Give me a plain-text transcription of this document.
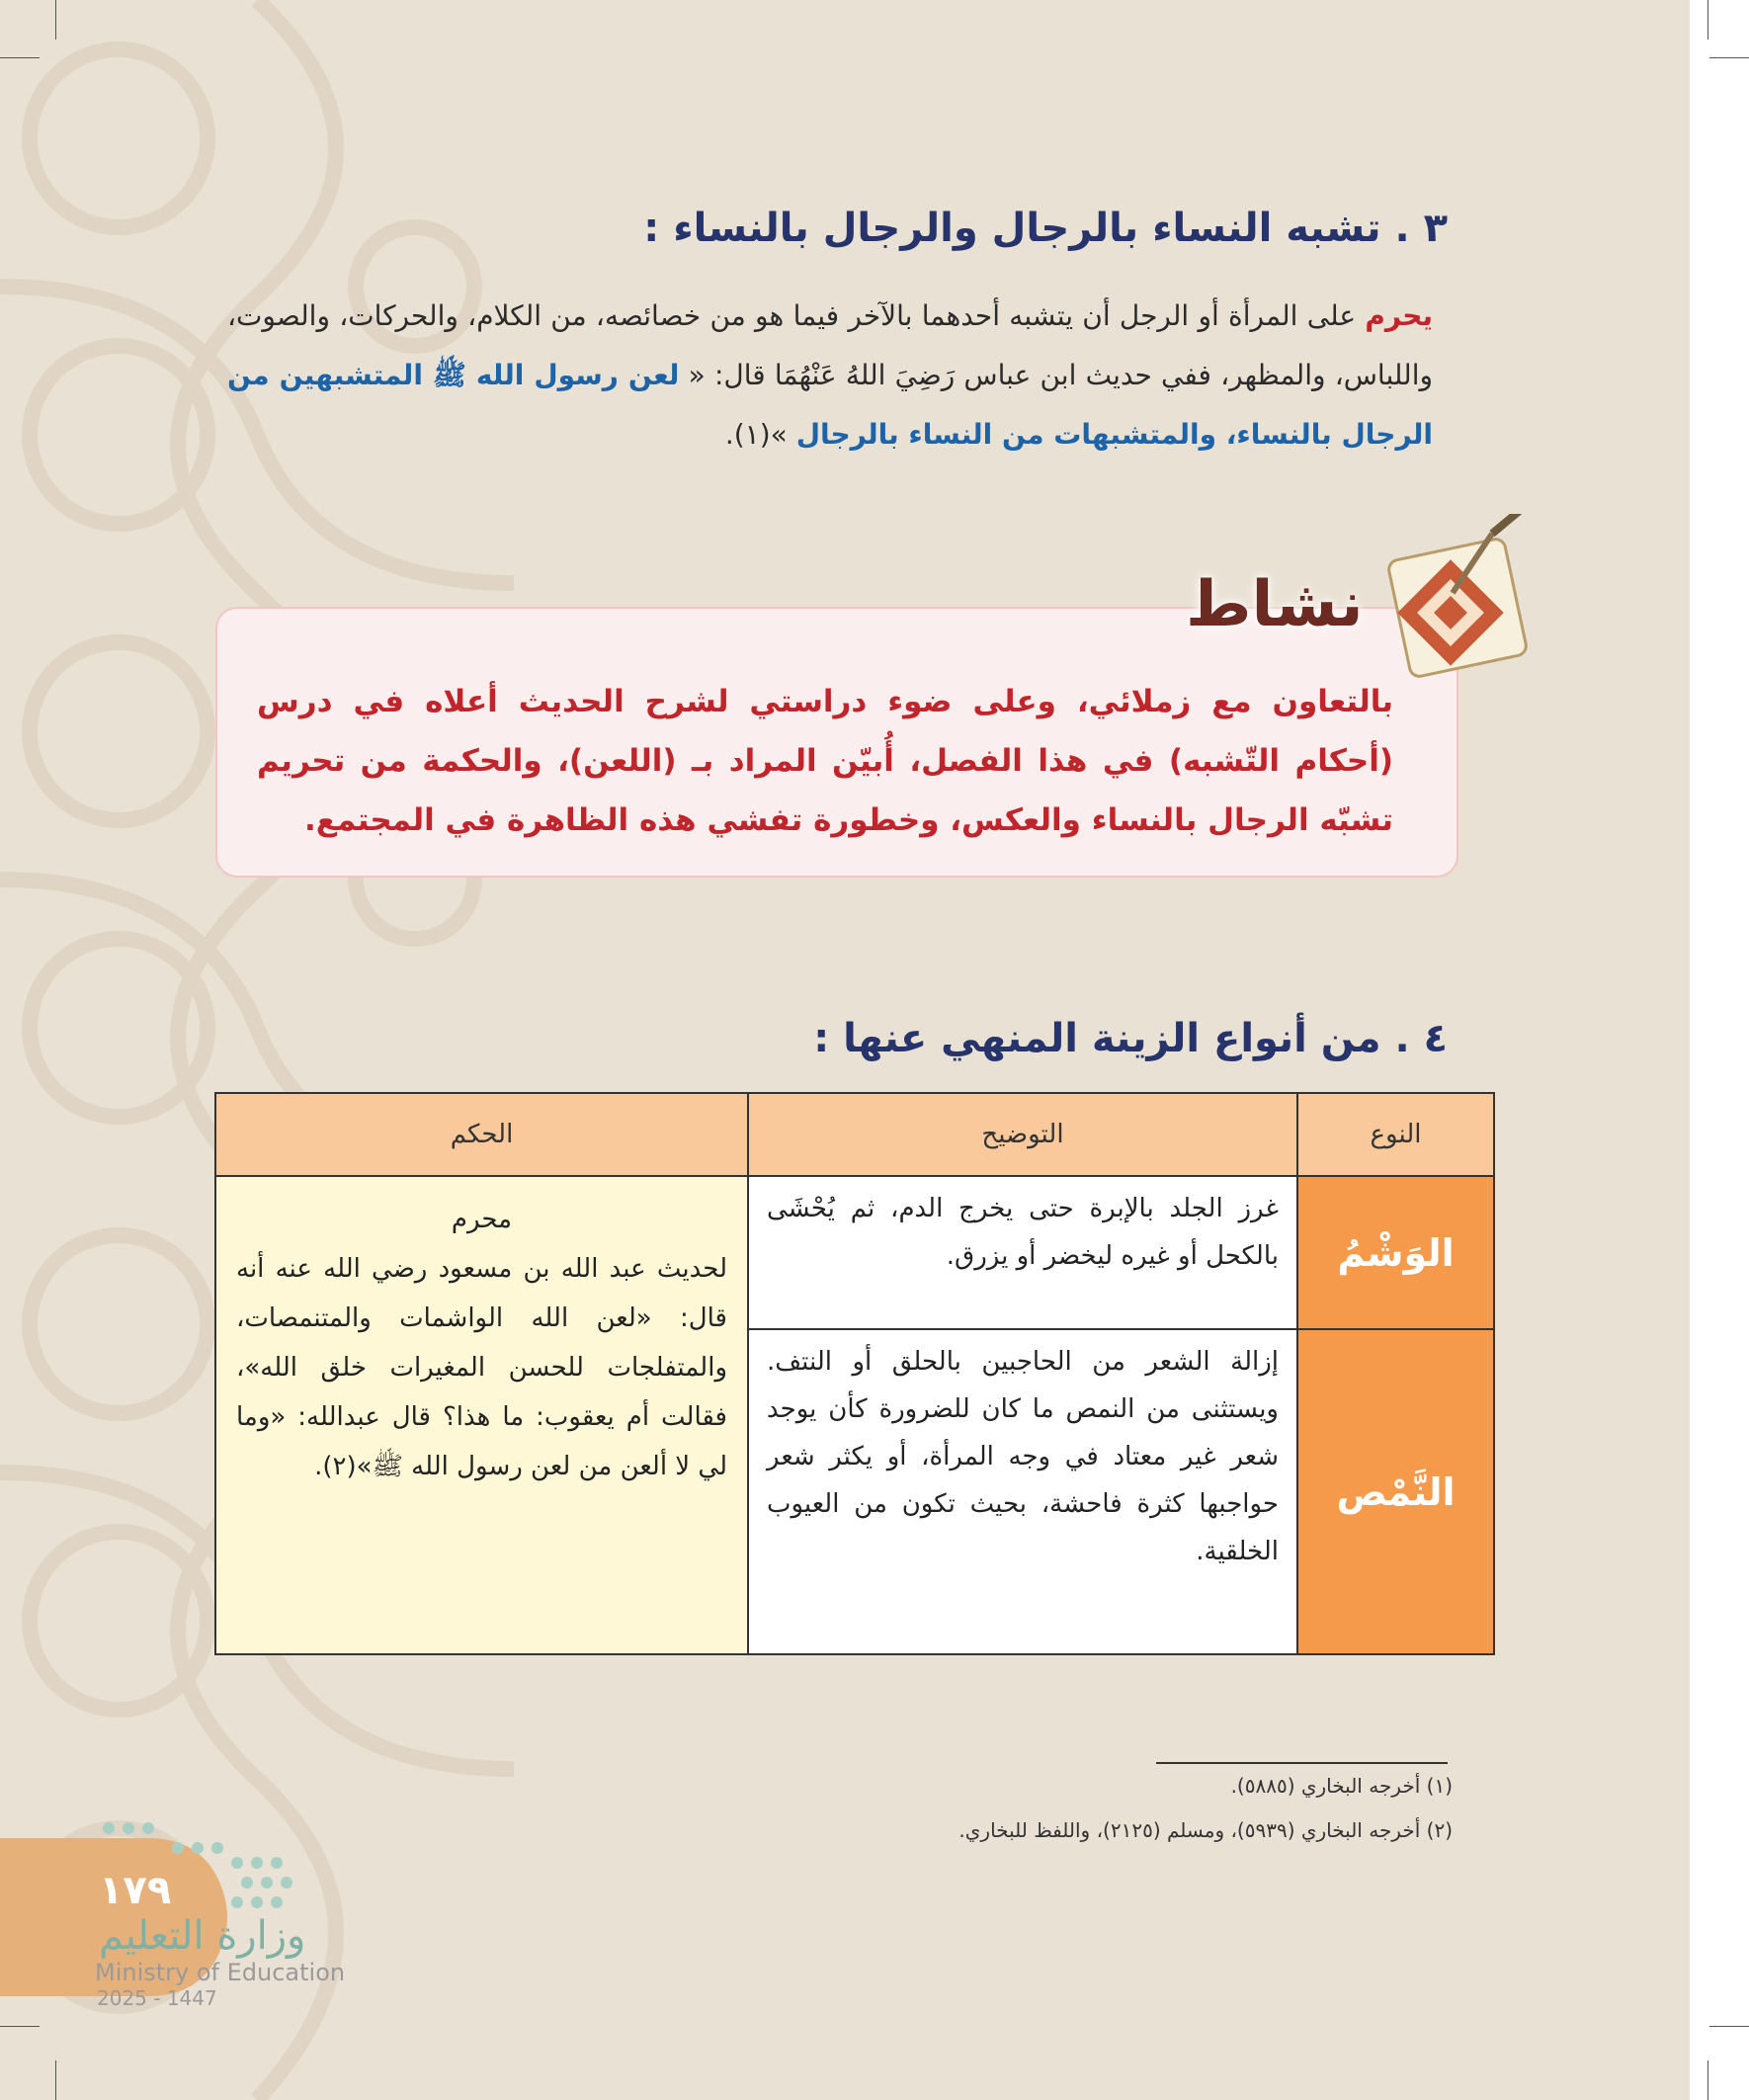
٣ . تشبه النساء بالرجال والرجال بالنساء :
يحرم على المرأة أو الرجل أن يتشبه أحدهما بالآخر فيما هو من خصائصه، من الكلام، والحركات، والصوت، واللباس، والمظهر، ففي حديث ابن عباس رَضِيَ اللهُ عَنْهُمَا قال: « لعن رسول الله ﷺ المتشبهين من الرجال بالنساء، والمتشبهات من النساء بالرجال »(١).
نشاط
بالتعاون مع زملائي، وعلى ضوء دراستي لشرح الحديث أعلاه في درس (أحكام التّشبه) في هذا الفصل، أُبيّن المراد بـ (اللعن)، والحكمة من تحريم تشبّه الرجال بالنساء والعكس، وخطورة تفشي هذه الظاهرة في المجتمع.
٤ . من أنواع الزينة المنهي عنها :
النوع	التوضيح	الحكم
الوَشْمُ	غرز الجلد بالإبرة حتى يخرج الدم، ثم يُحْشَى بالكحل أو غيره ليخضر أو يزرق.	محرم
لحديث عبد الله بن مسعود رضي الله عنه أنه قال: «لعن الله الواشمات والمتنمصات، والمتفلجات للحسن المغيرات خلق الله»، فقالت أم يعقوب: ما هذا؟ قال عبدالله: «وما لي لا ألعن من لعن رسول الله ﷺ»(٢).
النَّمْص	إزالة الشعر من الحاجبين بالحلق أو النتف. ويستثنى من النمص ما كان للضرورة كأن يوجد شعر غير معتاد في وجه المرأة، أو يكثر شعر حواجبها كثرة فاحشة، بحيث تكون من العيوب الخلقية.	
(١) أخرجه البخاري (٥٨٨٥).
(٢) أخرجه البخاري (٥٩٣٩)، ومسلم (٢١٢٥)، واللفظ للبخاري.
١٧٩
وزارة التعليم
Ministry of Education
2025 - 1447
